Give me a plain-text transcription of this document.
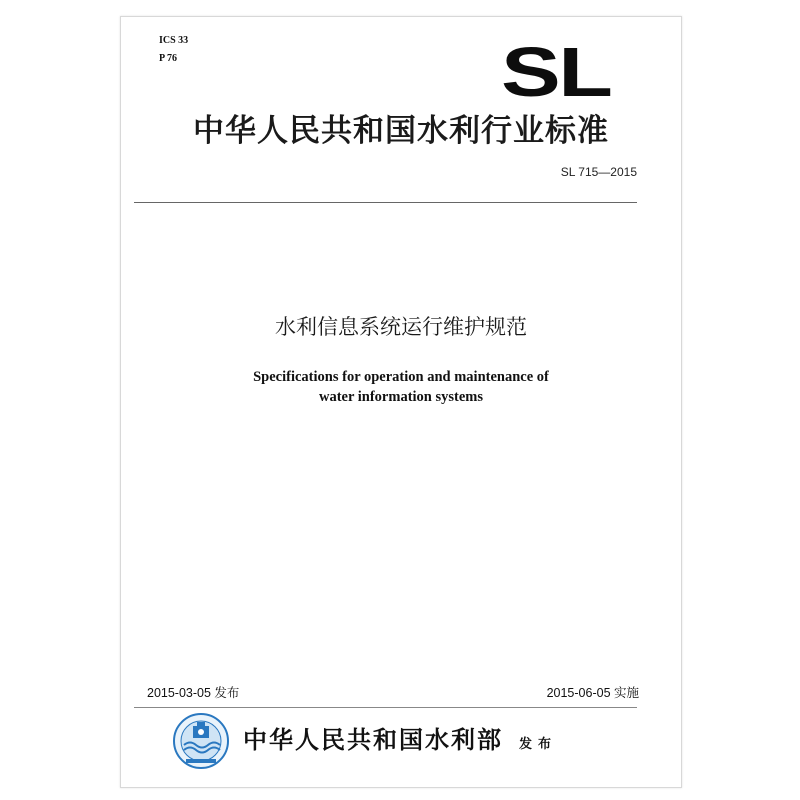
ICS 33
P 76	SL
中华人民共和国水利行业标准
SL 715—2015
水利信息系统运行维护规范
Specifications for operation and maintenance of
water information systems
2015-03-05 发布	2015-06-05 实施
中华人民共和国水利部 发布
